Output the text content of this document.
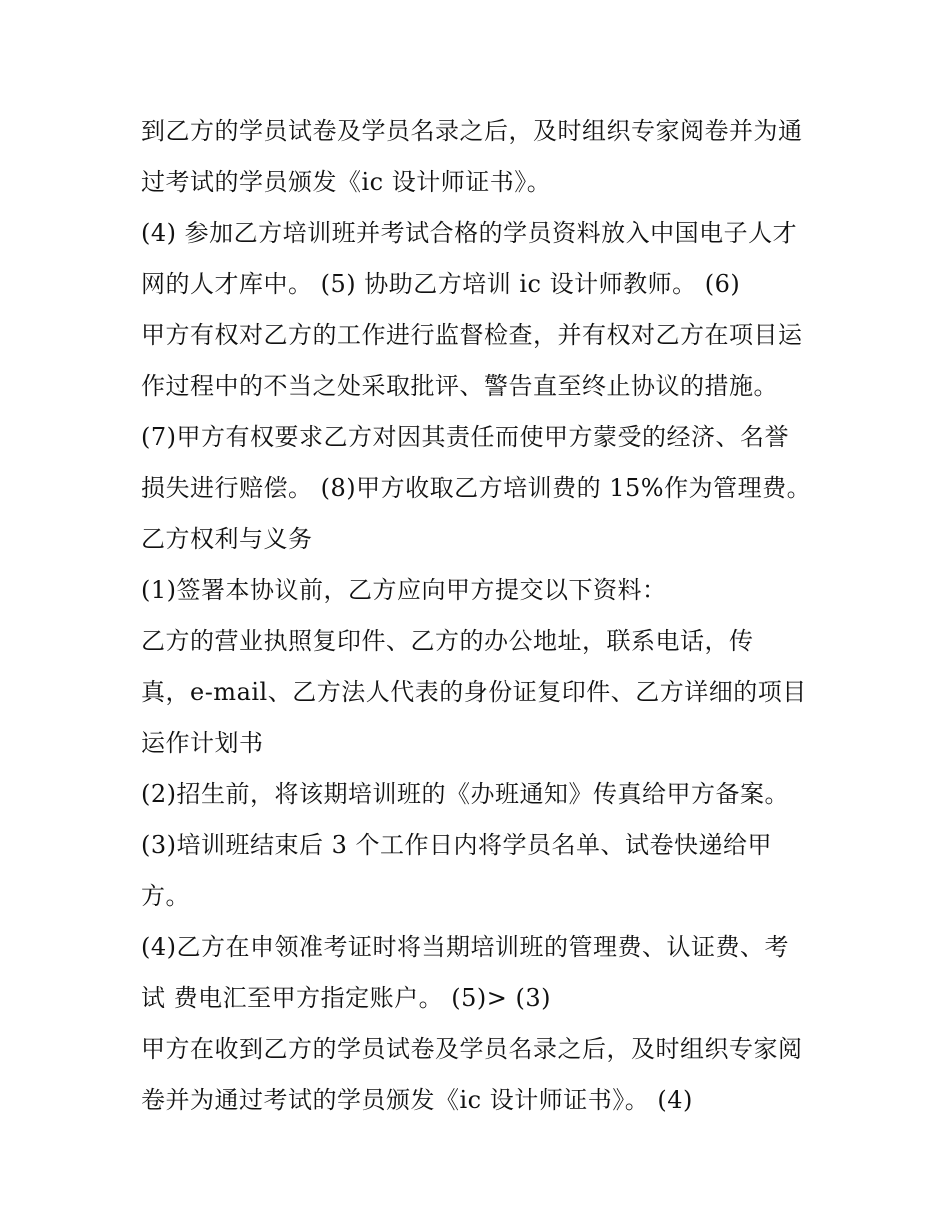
到乙方的学员试卷及学员名录之后，及时组织专家阅卷并为通
过考试的学员颁发《ic 设计师证书》。
(4) 参加乙方培训班并考试合格的学员资料放入中国电子人才
网的人才库中。 (5) 协助乙方培训 ic 设计师教师。 (6)
甲方有权对乙方的工作进行监督检查，并有权对乙方在项目运
作过程中的不当之处采取批评、警告直至终止协议的措施。
(7)甲方有权要求乙方对因其责任而使甲方蒙受的经济、名誉
损失进行赔偿。 (8)甲方收取乙方培训费的 15%作为管理费。
乙方权利与义务
(1)签署本协议前，乙方应向甲方提交以下资料：
乙方的营业执照复印件、乙方的办公地址，联系电话，传
真，e-mail、乙方法人代表的身份证复印件、乙方详细的项目
运作计划书
(2)招生前，将该期培训班的《办班通知》传真给甲方备案。
(3)培训班结束后 3 个工作日内将学员名单、试卷快递给甲
方。
(4)乙方在申领准考证时将当期培训班的管理费、认证费、考
试 费电汇至甲方指定账户。 (5)> (3)
甲方在收到乙方的学员试卷及学员名录之后，及时组织专家阅
卷并为通过考试的学员颁发《ic 设计师证书》。 (4)
